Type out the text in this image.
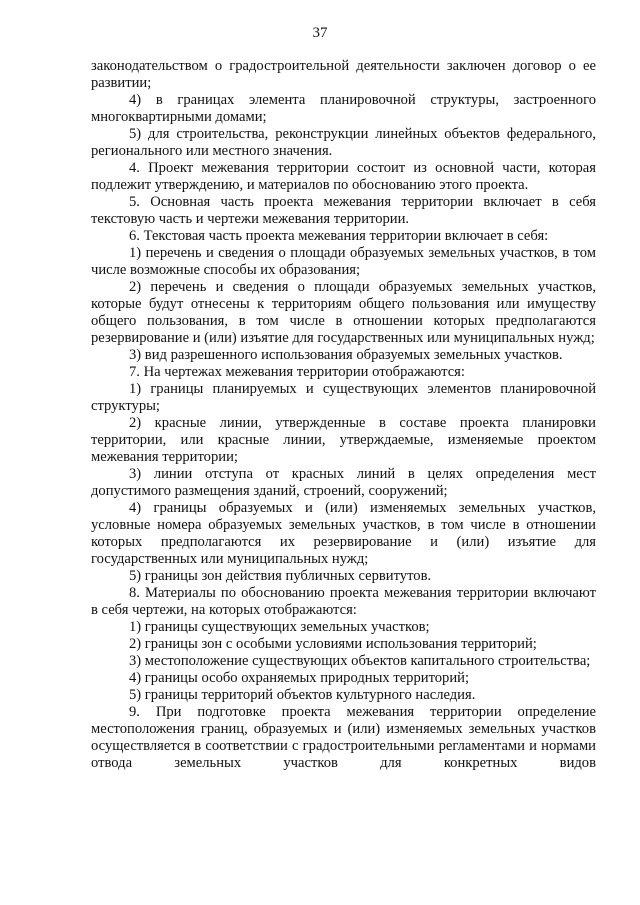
37

законодательством о градостроительной деятельности заключен договор о ее развитии;

4) в границах элемента планировочной структуры, застроенного многоквартирными домами;

5) для строительства, реконструкции линейных объектов федерального, регионального или местного значения.

4. Проект межевания территории состоит из основной части, которая подлежит утверждению, и материалов по обоснованию этого проекта.

5. Основная часть проекта межевания территории включает в себя текстовую часть и чертежи межевания территории.

6. Текстовая часть проекта межевания территории включает в себя:

1) перечень и сведения о площади образуемых земельных участков, в том числе возможные способы их образования;

2) перечень и сведения о площади образуемых земельных участков, которые будут отнесены к территориям общего пользования или имуществу общего пользования, в том числе в отношении которых предполагаются резервирование и (или) изъятие для государственных или муниципальных нужд;

3) вид разрешенного использования образуемых земельных участков.

7. На чертежах межевания территории отображаются:

1) границы планируемых и существующих элементов планировочной структуры;

2) красные линии, утвержденные в составе проекта планировки территории, или красные линии, утверждаемые, изменяемые проектом межевания территории;

3) линии отступа от красных линий в целях определения мест допустимого размещения зданий, строений, сооружений;

4) границы образуемых и (или) изменяемых земельных участков, условные номера образуемых земельных участков, в том числе в отношении которых предполагаются их резервирование и (или) изъятие для государственных или муниципальных нужд;

5) границы зон действия публичных сервитутов.

8. Материалы по обоснованию проекта межевания территории включают в себя чертежи, на которых отображаются:

1) границы существующих земельных участков;

2) границы зон с особыми условиями использования территорий;

3) местоположение существующих объектов капитального строительства;

4) границы особо охраняемых природных территорий;

5) границы территорий объектов культурного наследия.

9. При подготовке проекта межевания территории определение местоположения границ, образуемых и (или) изменяемых земельных участков осуществляется в соответствии с градостроительными регламентами и нормами отвода земельных участков для конкретных видов
